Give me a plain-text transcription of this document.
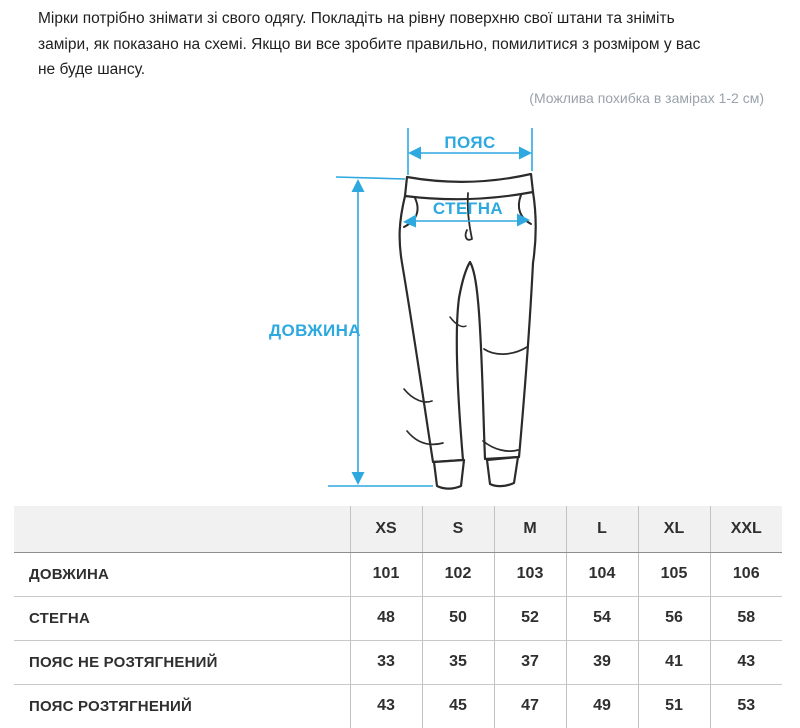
Мірки потрібно знімати зі свого одягу. Покладіть на рівну поверхню свої штани та зніміть
заміри, як показано на схемі. Якщо ви все зробите правильно, помилитися з розміром у вас
не буде шансу.
(Можлива похибка в замірах 1-2 см)
ПОЯС
СТЕГНА
ДОВЖИНА
	XS	S	M	L	XL	XXL
ДОВЖИНА	101	102	103	104	105	106
СТЕГНА	48	50	52	54	56	58
ПОЯС НЕ РОЗТЯГНЕНИЙ	33	35	37	39	41	43
ПОЯС РОЗТЯГНЕНИЙ	43	45	47	49	51	53
